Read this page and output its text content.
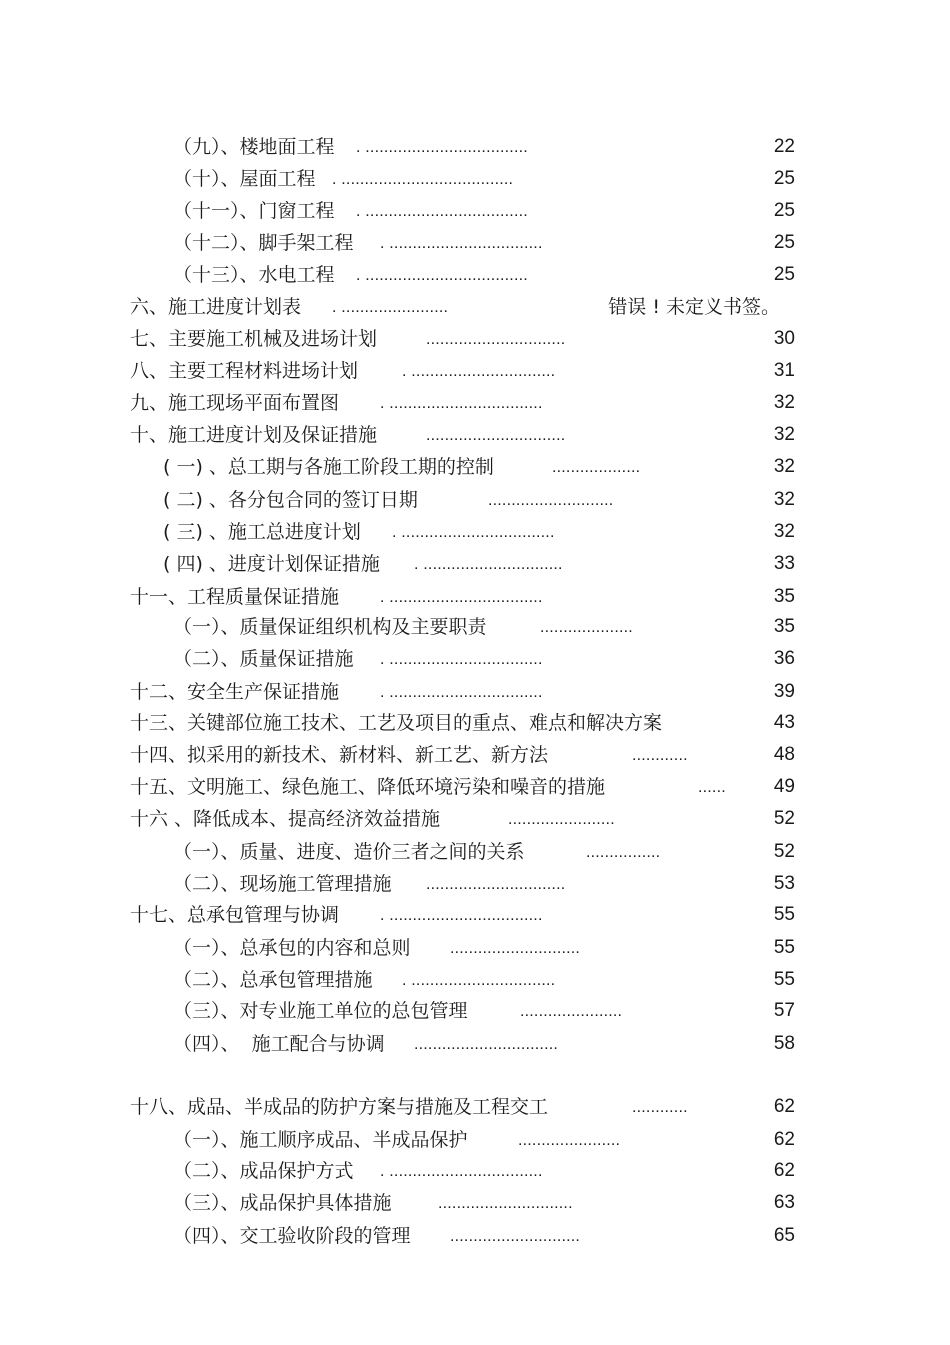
（九）、楼地面工程 . ...................................	22
（十）、屋面工程 . .....................................	25
（十一）、门窗工程 . ...................................	25
（十二）、脚手架工程 . .................................	25
（十三）、水电工程 . ...................................	25
六、施工进度计划表 . .......................	错误 ! 未定义书签。
七、主要施工机械及进场计划	..............................	30
八、主要工程材料进场计划	. ...............................	31
九、施工现场平面布置图	. .................................	32
十、施工进度计划及保证措施	..............................	32
( 一) 、总工期与各施工阶段工期的控制	...................	32
( 二) 、各分包合同的签订日期	...........................	32
( 三) 、施工总进度计划 . .................................	32
( 四) 、进度计划保证措施 . ..............................	33
十一、工程质量保证措施	. .................................	35
（一）、质量保证组织机构及主要职责	....................	35
（二）、质量保证措施 . .................................	36
十二、安全生产保证措施	. .................................	39
十三、关键部位施工技术、工艺及项目的重点、难点和解决方案	43
十四、拟采用的新技术、新材料、新工艺、新方法	............	48
十五、文明施工、绿色施工、降低环境污染和噪音的措施	......	49
十六 、降低成本、提高经济效益措施	.......................	52
（一）、质量、进度、造价三者之间的关系	................	52
（二）、现场施工管理措施 ..............................	53
十七、总承包管理与协调	. .................................	55
（一）、总承包的内容和总则 ............................	55
（二）、总承包管理措施 . ...............................	55
（三）、对专业施工单位的总包管理	......................	57
（四）、  施工配合与协调 ...............................	58
十八、成品、半成品的防护方案与措施及工程交工	............	62
（一）、施工顺序成品、半成品保护	......................	62
（二）、成品保护方式 . .................................	62
（三）、成品保护具体措施	.............................	63
（四）、交工验收阶段的管理 ............................	65
